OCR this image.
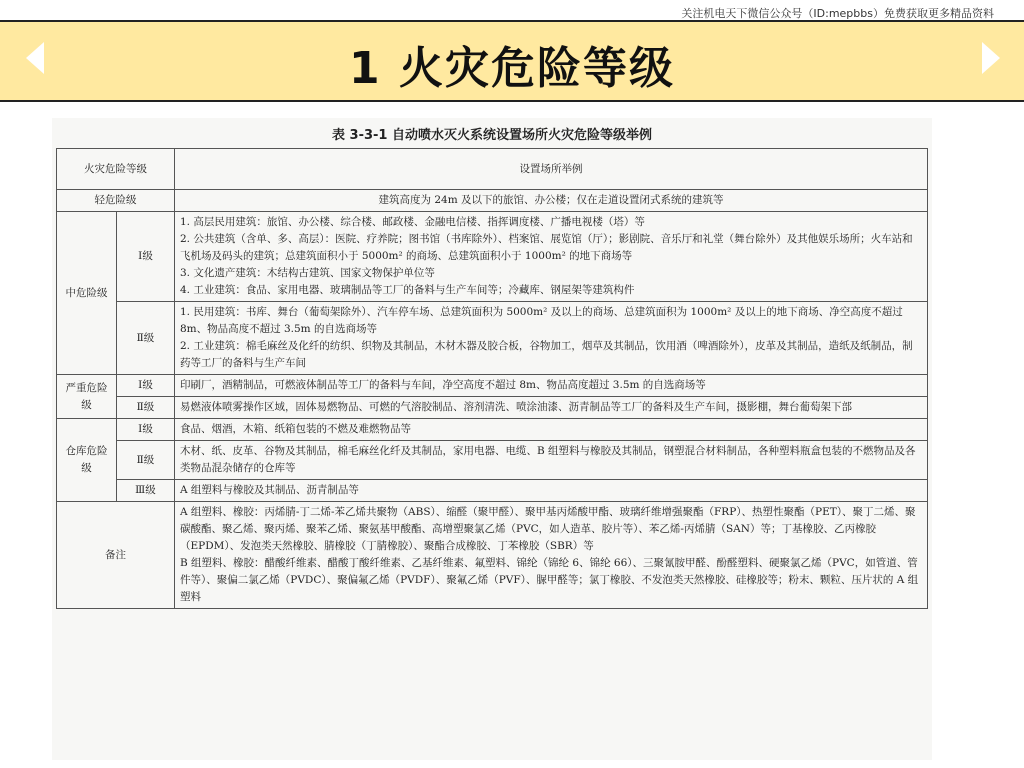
关注机电天下微信公众号（ID:mepbbs）免费获取更多精品资料
1 火灾危险等级
表 3-3-1 自动喷水灭火系统设置场所火灾危险等级举例
火灾危险等级		设置场所举例
轻危险级		建筑高度为 24m 及以下的旅馆、办公楼；仅在走道设置闭式系统的建筑等
中危险级	Ⅰ级	1. 高层民用建筑：旅馆、办公楼、综合楼、邮政楼、金融电信楼、指挥调度楼、广播电视楼（塔）等
2. 公共建筑（含单、多、高层）：医院、疗养院；图书馆（书库除外）、档案馆、展览馆（厅）；影剧院、音乐厅和礼堂（舞台除外）及其他娱乐场所；火车站和飞机场及码头的建筑；总建筑面积小于 5000m² 的商场、总建筑面积小于 1000m² 的地下商场等
3. 文化遗产建筑：木结构古建筑、国家文物保护单位等
4. 工业建筑：食品、家用电器、玻璃制品等工厂的备料与生产车间等；冷藏库、钢屋架等建筑构件

	Ⅱ级	1. 民用建筑：书库、舞台（葡萄架除外）、汽车停车场、总建筑面积为 5000m² 及以上的商场、总建筑面积为 1000m² 及以上的地下商场、净空高度不超过 8m、物品高度不超过 3.5m 的自选商场等
2. 工业建筑：棉毛麻丝及化纤的纺织、织物及其制品，木材木器及胶合板，谷物加工，烟草及其制品，饮用酒（啤酒除外），皮革及其制品，造纸及纸制品，制药等工厂的备料与生产车间

严重危险级	Ⅰ级	印刷厂，酒精制品，可燃液体制品等工厂的备料与车间，净空高度不超过 8m、物品高度超过 3.5m 的自选商场等
	Ⅱ级	易燃液体喷雾操作区域，固体易燃物品、可燃的气溶胶制品、溶剂清洗、喷涂油漆、沥青制品等工厂的备料及生产车间，摄影棚，舞台葡萄架下部
仓库危险级	Ⅰ级	食品、烟酒，木箱、纸箱包装的不燃及难燃物品等
	Ⅱ级	木材、纸、皮革、谷物及其制品，棉毛麻丝化纤及其制品，家用电器、电缆、B 组塑料与橡胶及其制品，钢塑混合材料制品，各种塑料瓶盒包装的不燃物品及各类物品混杂储存的仓库等
	Ⅲ级	A 组塑料与橡胶及其制品、沥青制品等
备注		A 组塑料、橡胶：丙烯腈-丁二烯-苯乙烯共聚物（ABS）、缩醛（聚甲醛）、聚甲基丙烯酸甲酯、玻璃纤维增强聚酯（FRP）、热塑性聚酯（PET）、聚丁二烯、聚碳酸酯、聚乙烯、聚丙烯、聚苯乙烯、聚氨基甲酸酯、高增塑聚氯乙烯（PVC，如人造革、胶片等）、苯乙烯-丙烯腈（SAN）等；丁基橡胶、乙丙橡胶（EPDM）、发泡类天然橡胶、腈橡胶（丁腈橡胶）、聚酯合成橡胶、丁苯橡胶（SBR）等
B 组塑料、橡胶：醋酸纤维素、醋酸丁酸纤维素、乙基纤维素、氟塑料、锦纶（锦纶 6、锦纶 66）、三聚氰胺甲醛、酚醛塑料、硬聚氯乙烯（PVC，如管道、管件等）、聚偏二氯乙烯（PVDC）、聚偏氟乙烯（PVDF）、聚氟乙烯（PVF）、脲甲醛等；氯丁橡胶、不发泡类天然橡胶、硅橡胶等；粉末、颗粒、压片状的 A 组塑料
